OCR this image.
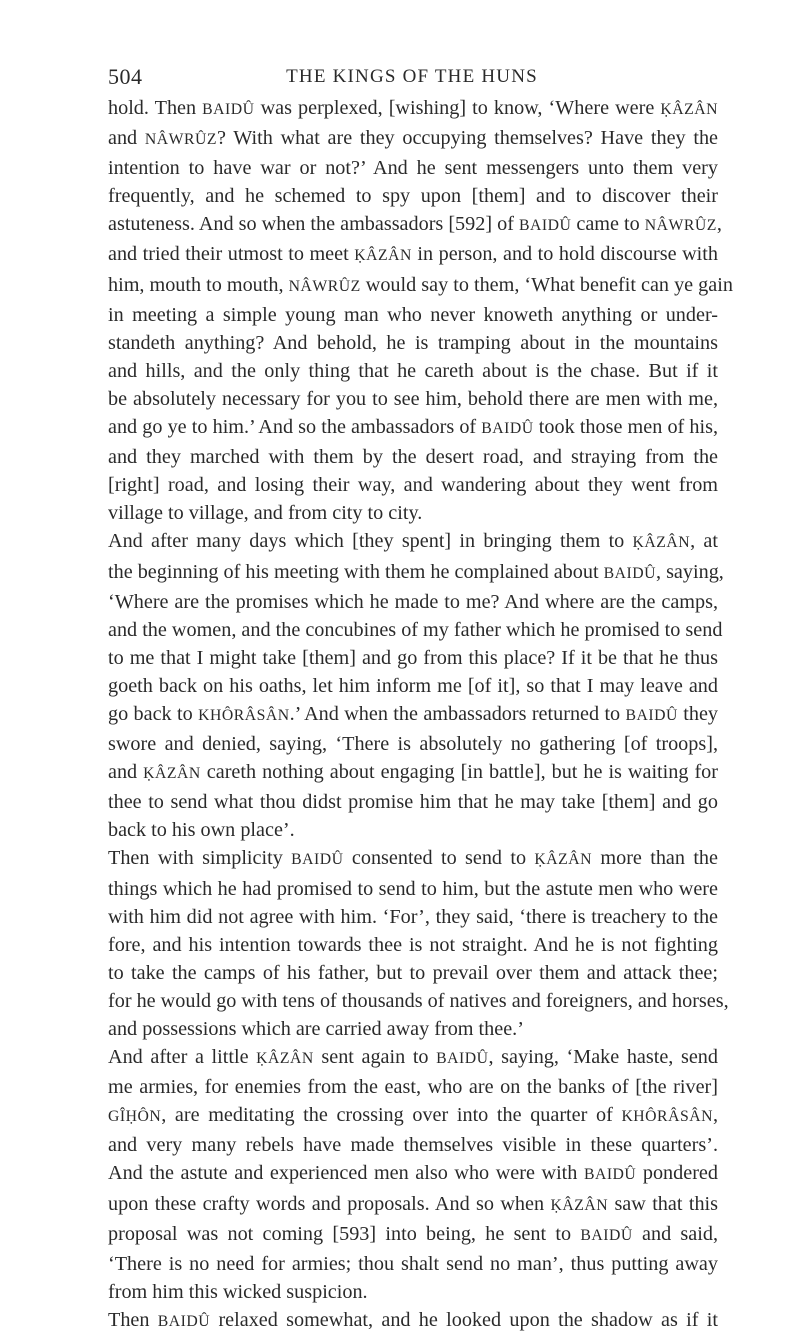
504	THE KINGS OF THE HUNS
hold. Then BAIDÛ was perplexed, [wishing] to know, ‘Where were ḲÂZÂN
and NÂWRÛZ? With what are they occupying themselves? Have they the
intention to have war or not?’ And he sent messengers unto them very
frequently, and he schemed to spy upon [them] and to discover their
astuteness. And so when the ambassadors [592] of BAIDÛ came to NÂWRÛZ,
and tried their utmost to meet ḲÂZÂN in person, and to hold discourse with
him, mouth to mouth, NÂWRÛZ would say to them, ‘What benefit can ye gain
in meeting a simple young man who never knoweth anything or under-
standeth anything? And behold, he is tramping about in the mountains
and hills, and the only thing that he careth about is the chase. But if it
be absolutely necessary for you to see him, behold there are men with me,
and go ye to him.’ And so the ambassadors of BAIDÛ took those men of his,
and they marched with them by the desert road, and straying from the
[right] road, and losing their way, and wandering about they went from
village to village, and from city to city.
And after many days which [they spent] in bringing them to ḲÂZÂN, at
the beginning of his meeting with them he complained about BAIDÛ, saying,
‘Where are the promises which he made to me? And where are the camps,
and the women, and the concubines of my father which he promised to send
to me that I might take [them] and go from this place? If it be that he thus
goeth back on his oaths, let him inform me [of it], so that I may leave and
go back to KHÔRÂSÂN.’ And when the ambassadors returned to BAIDÛ they
swore and denied, saying, ‘There is absolutely no gathering [of troops],
and ḲÂZÂN careth nothing about engaging [in battle], but he is waiting for
thee to send what thou didst promise him that he may take [them] and go
back to his own place’.
Then with simplicity BAIDÛ consented to send to ḲÂZÂN more than the
things which he had promised to send to him, but the astute men who were
with him did not agree with him. ‘For’, they said, ‘there is treachery to the
fore, and his intention towards thee is not straight. And he is not fighting
to take the camps of his father, but to prevail over them and attack thee;
for he would go with tens of thousands of natives and foreigners, and horses,
and possessions which are carried away from thee.’
And after a little ḲÂZÂN sent again to BAIDÛ, saying, ‘Make haste, send
me armies, for enemies from the east, who are on the banks of [the river]
GÎḤÔN, are meditating the crossing over into the quarter of KHÔRÂSÂN,
and very many rebels have made themselves visible in these quarters’.
And the astute and experienced men also who were with BAIDÛ pondered
upon these crafty words and proposals. And so when ḲÂZÂN saw that this
proposal was not coming [593] into being, he sent to BAIDÛ and said,
‘There is no need for armies; thou shalt send no man’, thus putting away
from him this wicked suspicion.
Then BAIDÛ relaxed somewhat, and he looked upon the shadow as if it
